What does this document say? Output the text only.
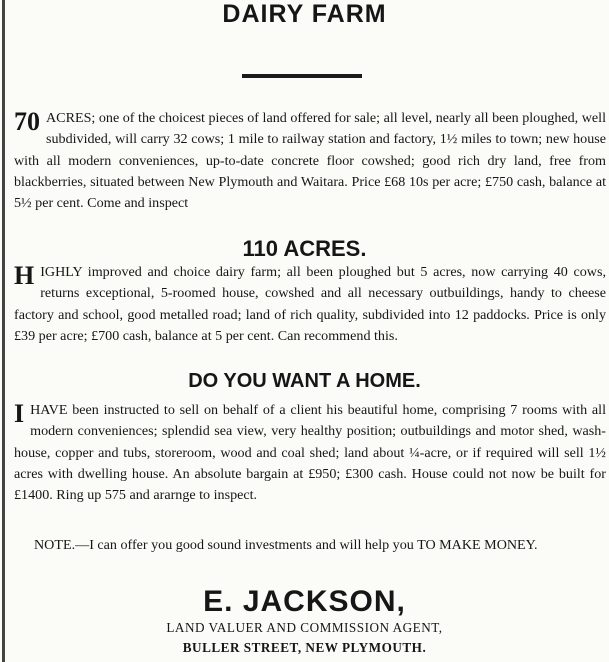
DAIRY FARM

70 ACRES; one of the choicest pieces of land offered for sale; all level, nearly all been ploughed, well subdivided, will carry 32 cows; 1 mile to railway station and factory, 1½ miles to town; new house with all modern conveniences, up-to-date concrete floor cowshed; good rich dry land, free from blackberries, situated between New Plymouth and Waitara. Price £68 10s per acre; £750 cash, balance at 5½ per cent. Come and inspect

110 ACRES.

HIGHLY improved and choice dairy farm; all been ploughed but 5 acres, now carrying 40 cows, returns exceptional, 5-roomed house, cowshed and all necessary outbuildings, handy to cheese factory and school, good metalled road; land of rich quality, subdivided into 12 paddocks. Price is only £39 per acre; £700 cash, balance at 5 per cent. Can recommend this.

DO YOU WANT A HOME.

IHAVE been instructed to sell on behalf of a client his beautiful home, comprising 7 rooms with all modern conveniences; splendid sea view, very healthy position; outbuildings and motor shed, wash-house, copper and tubs, storeroom, wood and coal shed; land about ¼-acre, or if required will sell 1½ acres with dwelling house. An absolute bargain at £950; £300 cash. House could not now be built for £1400. Ring up 575 and ararnge to inspect.

NOTE.—I can offer you good sound investments and will help you TO MAKE MONEY.

E. JACKSON,
LAND VALUER AND COMMISSION AGENT,
BULLER STREET, NEW PLYMOUTH.
